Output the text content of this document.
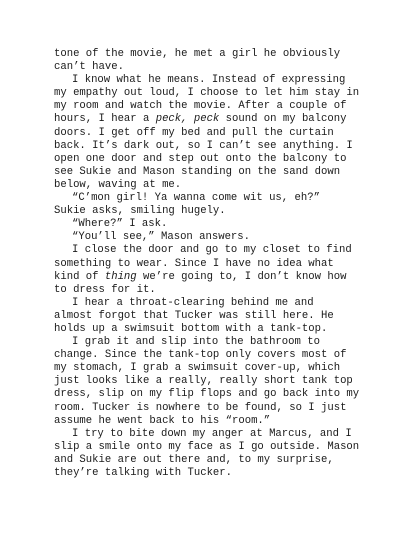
tone of the movie, he met a girl he obviously
can’t have.

I know what he means. Instead of expressing
my empathy out loud, I choose to let him stay in
my room and watch the movie. After a couple of
hours, I hear a peck, peck sound on my balcony
doors. I get off my bed and pull the curtain
back. It’s dark out, so I can’t see anything. I
open one door and step out onto the balcony to
see Sukie and Mason standing on the sand down
below, waving at me.

“C’mon girl! Ya wanna come wit us, eh?”
Sukie asks, smiling hugely.

“Where?” I ask.

“You’ll see,” Mason answers.

I close the door and go to my closet to find
something to wear. Since I have no idea what
kind of thing we’re going to, I don’t know how
to dress for it.

I hear a throat-clearing behind me and
almost forgot that Tucker was still here. He
holds up a swimsuit bottom with a tank-top.

I grab it and slip into the bathroom to
change. Since the tank-top only covers most of
my stomach, I grab a swimsuit cover-up, which
just looks like a really, really short tank top
dress, slip on my flip flops and go back into my
room. Tucker is nowhere to be found, so I just
assume he went back to his “room.”

I try to bite down my anger at Marcus, and I
slip a smile onto my face as I go outside. Mason
and Sukie are out there and, to my surprise,
they’re talking with Tucker.
